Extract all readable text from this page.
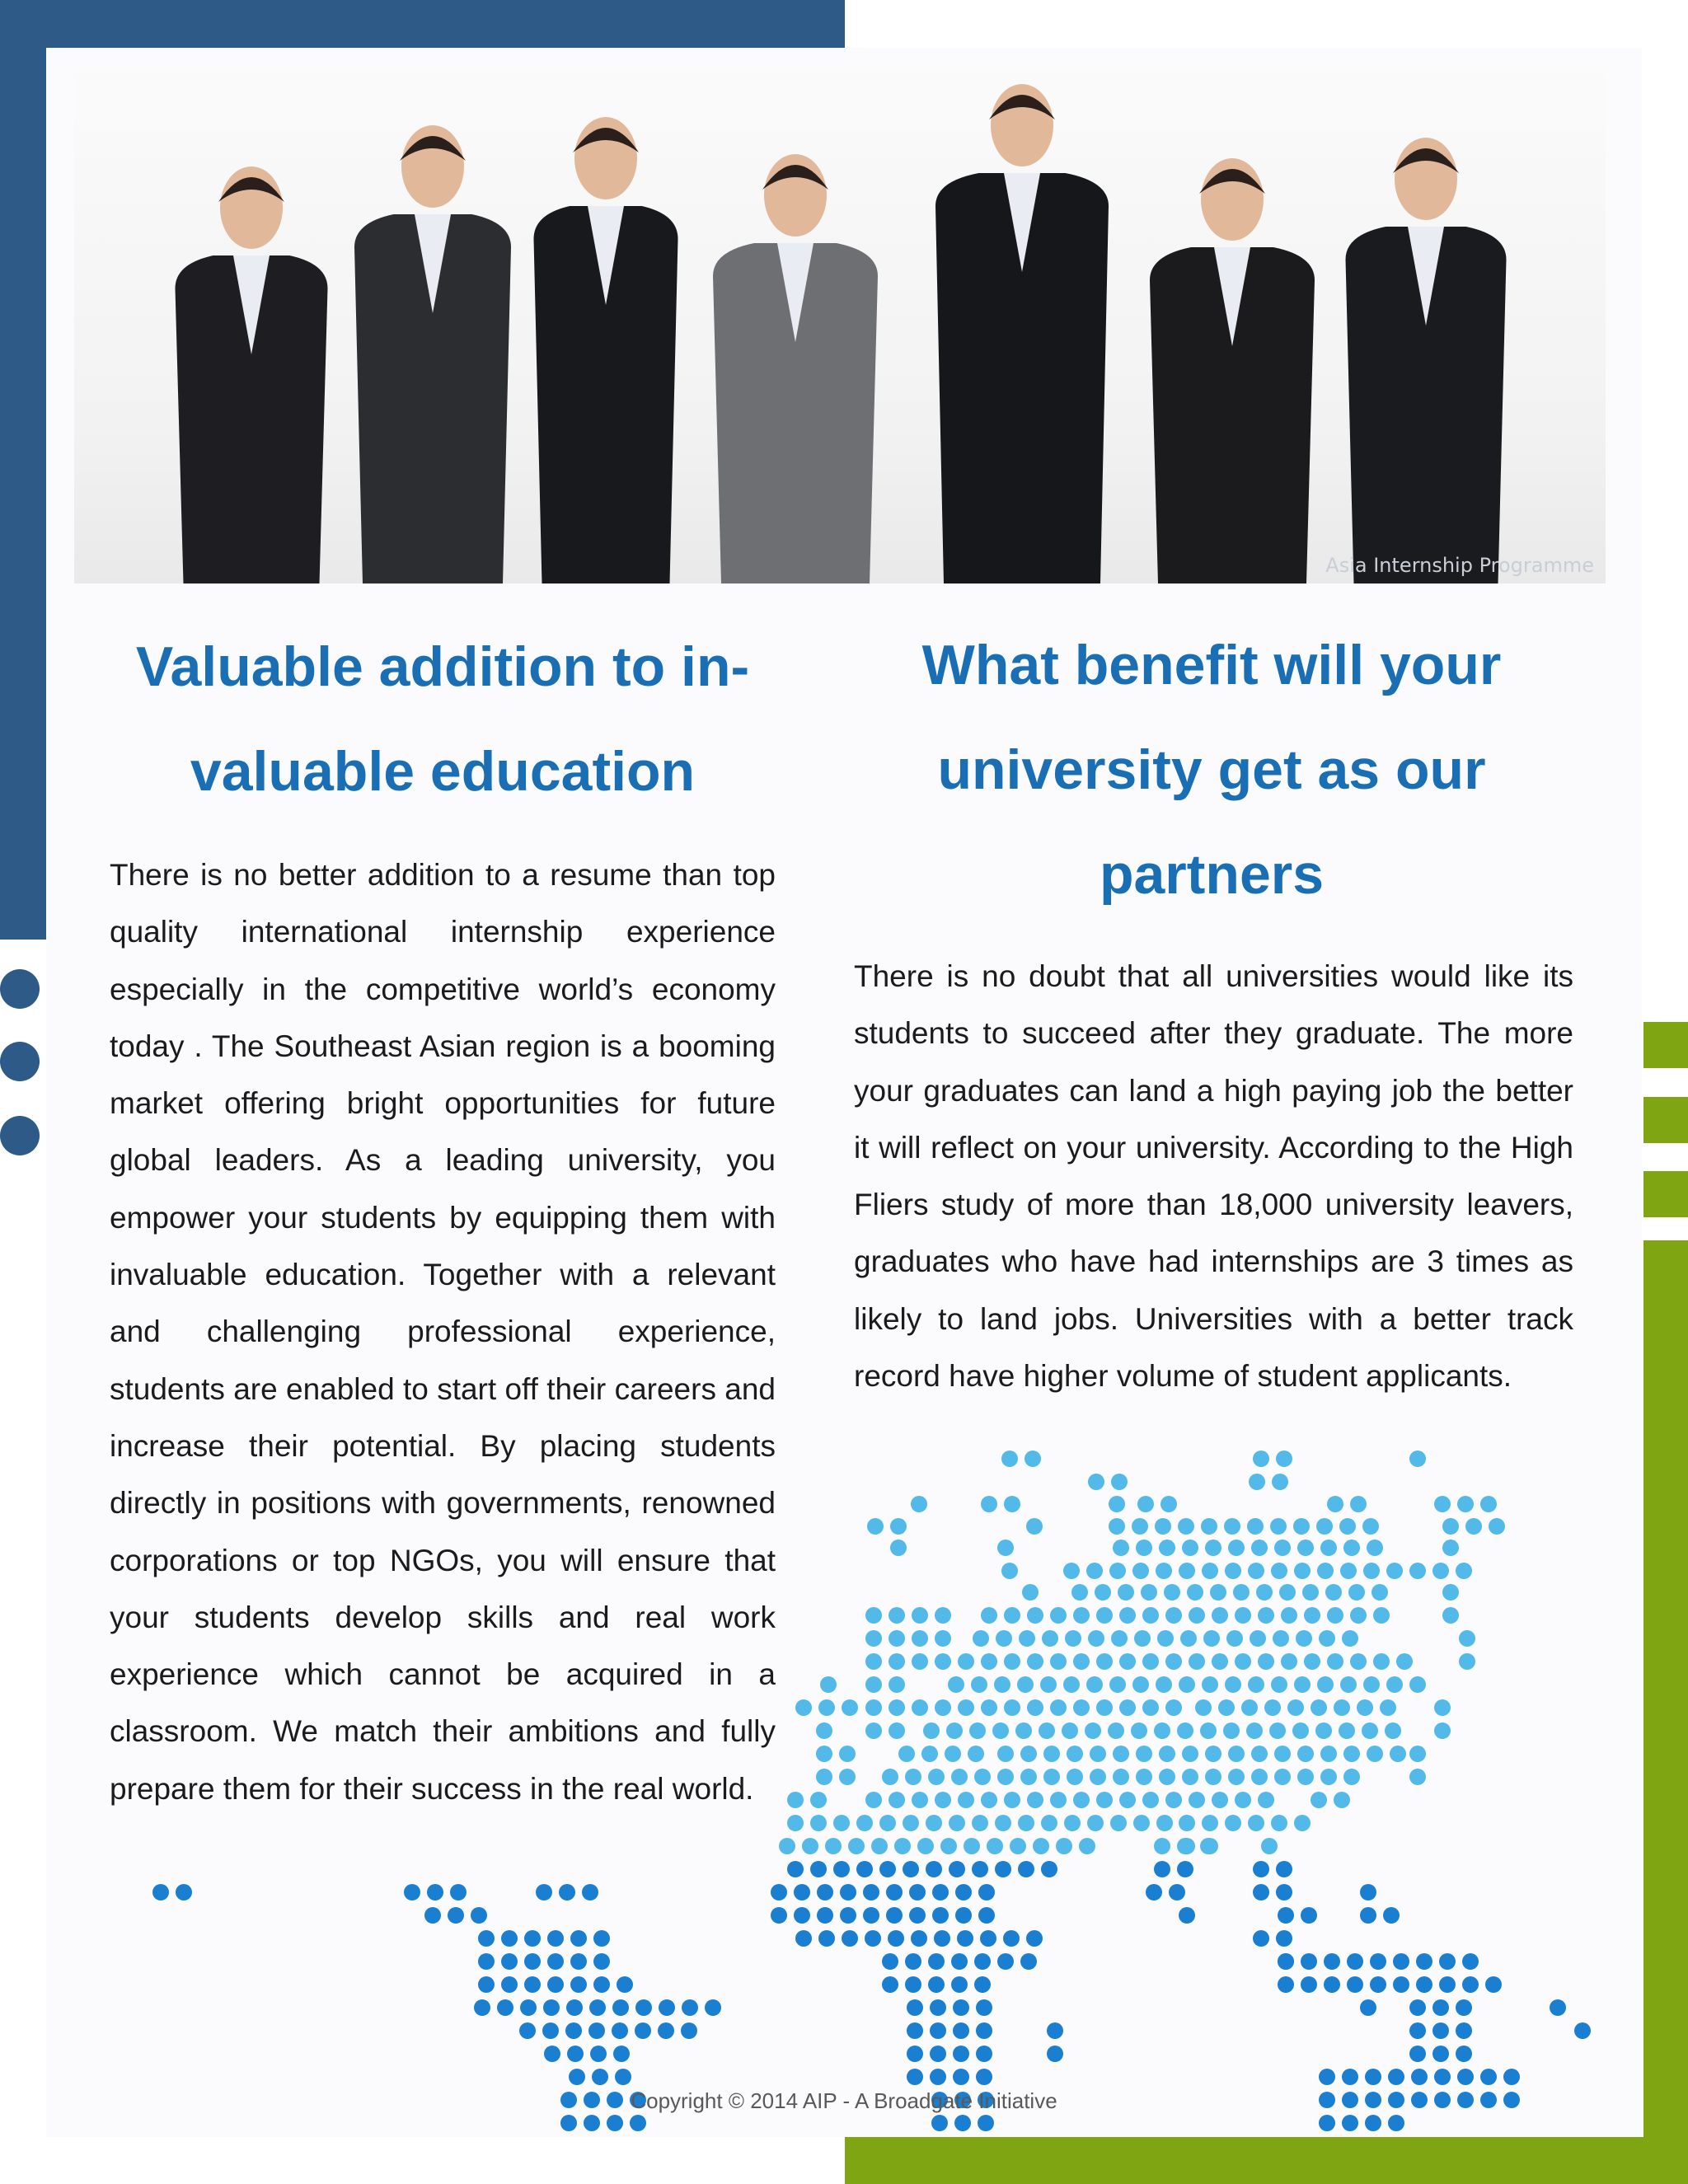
Asia Internship Programme
Valuable addition to in-
valuable education

There is no better addition to a resume than top quality international internship experience especially in the competitive world’s economy today . The Southeast Asian region is a booming market offering bright opportunities for future global leaders. As a leading university, you empower your students by equipping them with invaluable education. Together with a relevant and challenging professional experience, students are enabled to start off their careers and increase their potential. By placing students directly in positions with governments, renowned corporations or top NGOs, you will ensure that your students develop skills and real work experience which cannot be acquired in a classroom. We match their ambitions and fully prepare them for their success in the real world.

What benefit will your
university get as our
partners

There is no doubt that all universities would like its students to succeed after they graduate. The more your graduates can land a high paying job the better it will reflect on your university. According to the High Fliers study of more than 18,000 university leavers, graduates who have had internships are 3 times as likely to land jobs. Universities with a better track record have higher volume of student applicants.

Copyright © 2014 AIP - A Broadgate Initiative
